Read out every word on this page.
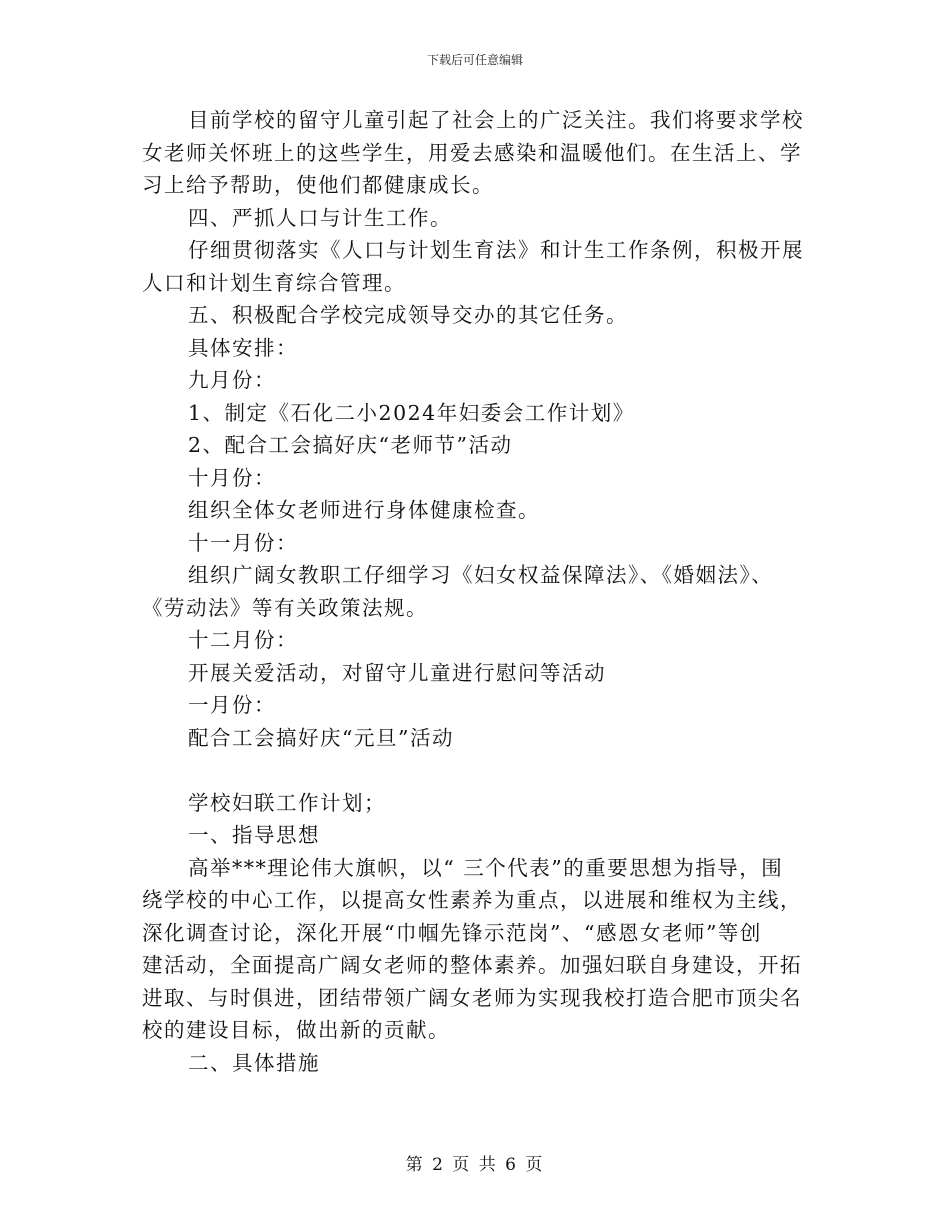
下载后可任意编辑
目前学校的留守儿童引起了社会上的广泛关注。我们将要求学校
女老师关怀班上的这些学生，用爱去感染和温暖他们。在生活上、学
习上给予帮助，使他们都健康成长。
四、严抓人口与计生工作。
仔细贯彻落实《人口与计划生育法》和计生工作条例，积极开展
人口和计划生育综合管理。
五、积极配合学校完成领导交办的其它任务。
具体安排：
九月份：
1、制定《石化二小2024年妇委会工作计划》
2、配合工会搞好庆“老师节”活动
十月份：
组织全体女老师进行身体健康检查。
十一月份：
组织广阔女教职工仔细学习《妇女权益保障法》、《婚姻法》、
《劳动法》等有关政策法规。
十二月份：
开展关爱活动，对留守儿童进行慰问等活动
一月份：
配合工会搞好庆“元旦”活动
学校妇联工作计划；
一、指导思想
高举***理论伟大旗帜，以“ 三个代表”的重要思想为指导，围
绕学校的中心工作，以提高女性素养为重点，以进展和维权为主线，
深化调查讨论，深化开展“巾帼先锋示范岗”、“感恩女老师”等创
建活动，全面提高广阔女老师的整体素养。加强妇联自身建设，开拓
进取、与时俱进，团结带领广阔女老师为实现我校打造合肥市顶尖名
校的建设目标，做出新的贡献。
二、具体措施
第 2 页 共 6 页
